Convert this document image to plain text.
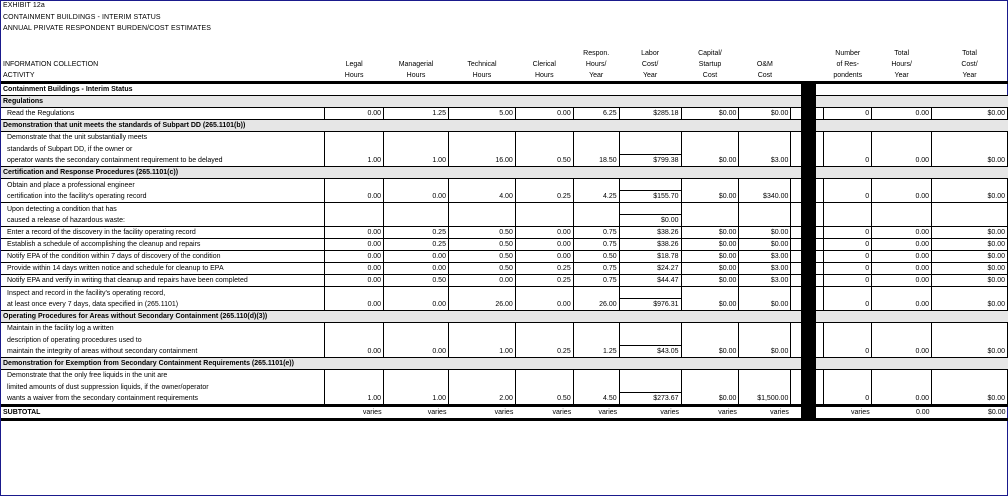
EXHIBIT 12a
CONTAINMENT BUILDINGS - INTERIM STATUS
ANNUAL PRIVATE RESPONDENT BURDEN/COST ESTIMATES
					Respon.	Labor	Capital/					Number	Total	Total
INFORMATION COLLECTION	Legal	Managerial	Technical	Clerical	Hours/	Cost/	Startup	O&M				of Res-	Hours/	Cost/
ACTIVITY	Hours	Hours	Hours	Hours	Year	Year	Cost	Cost				pondents	Year	Year
Containment Buildings - Interim Status														
Regulations														
Read the Regulations	0.00	1.25	5.00	0.00	6.25	$285.18	$0.00	$0.00				0	0.00	$0.00
Demonstration that unit meets the standards of Subpart DD (265.1101(b))														
Demonstrate that the unit substantially meets														
standards of Subpart DD, if the owner or														
operator wants the secondary containment requirement to be delayed	1.00	1.00	16.00	0.50	18.50	$799.38	$0.00	$3.00				0	0.00	$0.00
Certification and Response Procedures (265.1101(c))														
Obtain and place a professional engineer														
certification into the facility's operating record	0.00	0.00	4.00	0.25	4.25	$155.70	$0.00	$340.00				0	0.00	$0.00
Upon detecting a condition that has														
caused a release of hazardous waste:						$0.00								
Enter a record of the discovery in the facility operating record	0.00	0.25	0.50	0.00	0.75	$38.26	$0.00	$0.00				0	0.00	$0.00
Establish a schedule of accomplishing the cleanup and repairs	0.00	0.25	0.50	0.00	0.75	$38.26	$0.00	$0.00				0	0.00	$0.00
Notify EPA of the condition within 7 days of discovery of the condition	0.00	0.00	0.50	0.00	0.50	$18.78	$0.00	$3.00				0	0.00	$0.00
Provide within 14 days written notice and schedule for cleanup to EPA	0.00	0.00	0.50	0.25	0.75	$24.27	$0.00	$3.00				0	0.00	$0.00
Notify EPA and verify in writing that cleanup and repairs have been completed	0.00	0.50	0.00	0.25	0.75	$44.47	$0.00	$3.00				0	0.00	$0.00
Inspect and record in the facility's operating record,														
at least once every 7 days, data specified in (265.1101)	0.00	0.00	26.00	0.00	26.00	$976.31	$0.00	$0.00				0	0.00	$0.00
Operating Procedures for Areas without Secondary Containment (265.110(d)(3))														
Maintain in the facility log a written														
description of operating procedures used to														
maintain the integrity of areas without secondary containment	0.00	0.00	1.00	0.25	1.25	$43.05	$0.00	$0.00				0	0.00	$0.00
Demonstration for Exemption from Secondary Containment Requirements (265.1101(e))														
Demonstrate that the only free liquids in the unit are														
limited amounts of dust suppression liquids, if the owner/operator														
wants a waiver from the secondary containment requirements	1.00	1.00	2.00	0.50	4.50	$273.67	$0.00	$1,500.00				0	0.00	$0.00
SUBTOTAL	varies	varies	varies	varies	varies	varies	varies	varies				varies	0.00	$0.00
